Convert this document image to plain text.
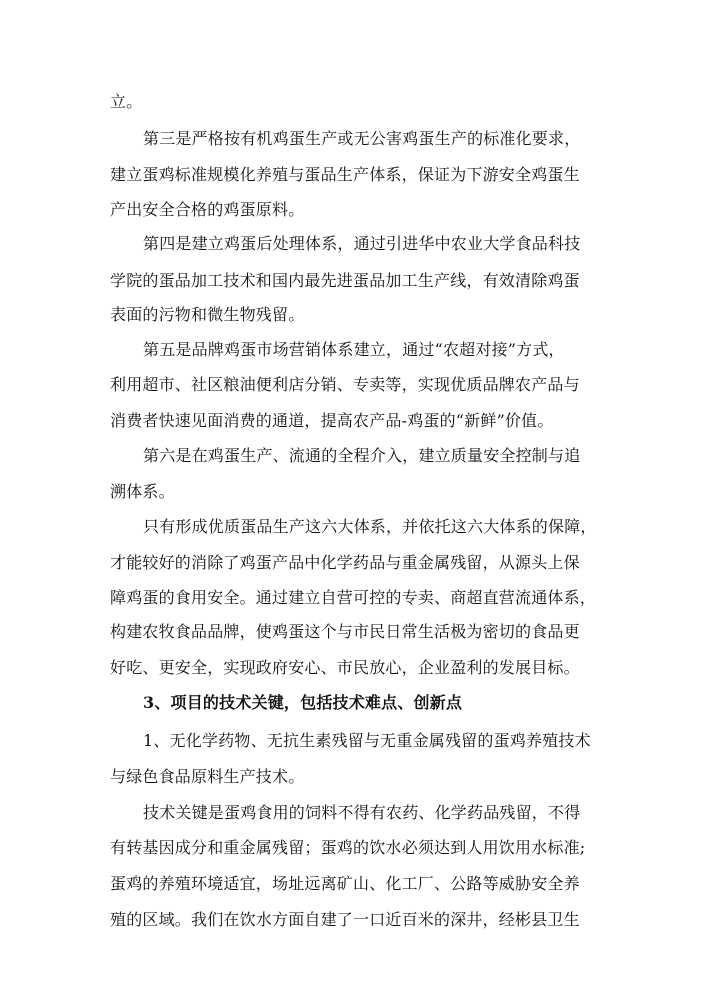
立。
第三是严格按有机鸡蛋生产或无公害鸡蛋生产的标准化要求，
建立蛋鸡标准规模化养殖与蛋品生产体系，保证为下游安全鸡蛋生
产出安全合格的鸡蛋原料。
第四是建立鸡蛋后处理体系，通过引进华中农业大学食品科技
学院的蛋品加工技术和国内最先进蛋品加工生产线，有效清除鸡蛋
表面的污物和微生物残留。
第五是品牌鸡蛋市场营销体系建立，通过“农超对接”方式，
利用超市、社区粮油便利店分销、专卖等，实现优质品牌农产品与
消费者快速见面消费的通道，提高农产品-鸡蛋的“新鲜”价值。
第六是在鸡蛋生产、流通的全程介入，建立质量安全控制与追
溯体系。
只有形成优质蛋品生产这六大体系，并依托这六大体系的保障，
才能较好的消除了鸡蛋产品中化学药品与重金属残留，从源头上保
障鸡蛋的食用安全。通过建立自营可控的专卖、商超直营流通体系，
构建农牧食品品牌，使鸡蛋这个与市民日常生活极为密切的食品更
好吃、更安全，实现政府安心、市民放心，企业盈利的发展目标。
3、项目的技术关键，包括技术难点、创新点
1、无化学药物、无抗生素残留与无重金属残留的蛋鸡养殖技术
与绿色食品原料生产技术。
技术关键是蛋鸡食用的饲料不得有农药、化学药品残留，不得
有转基因成分和重金属残留；蛋鸡的饮水必须达到人用饮用水标准;
蛋鸡的养殖环境适宜，场址远离矿山、化工厂、公路等威胁安全养
殖的区域。我们在饮水方面自建了一口近百米的深井，经彬县卫生
